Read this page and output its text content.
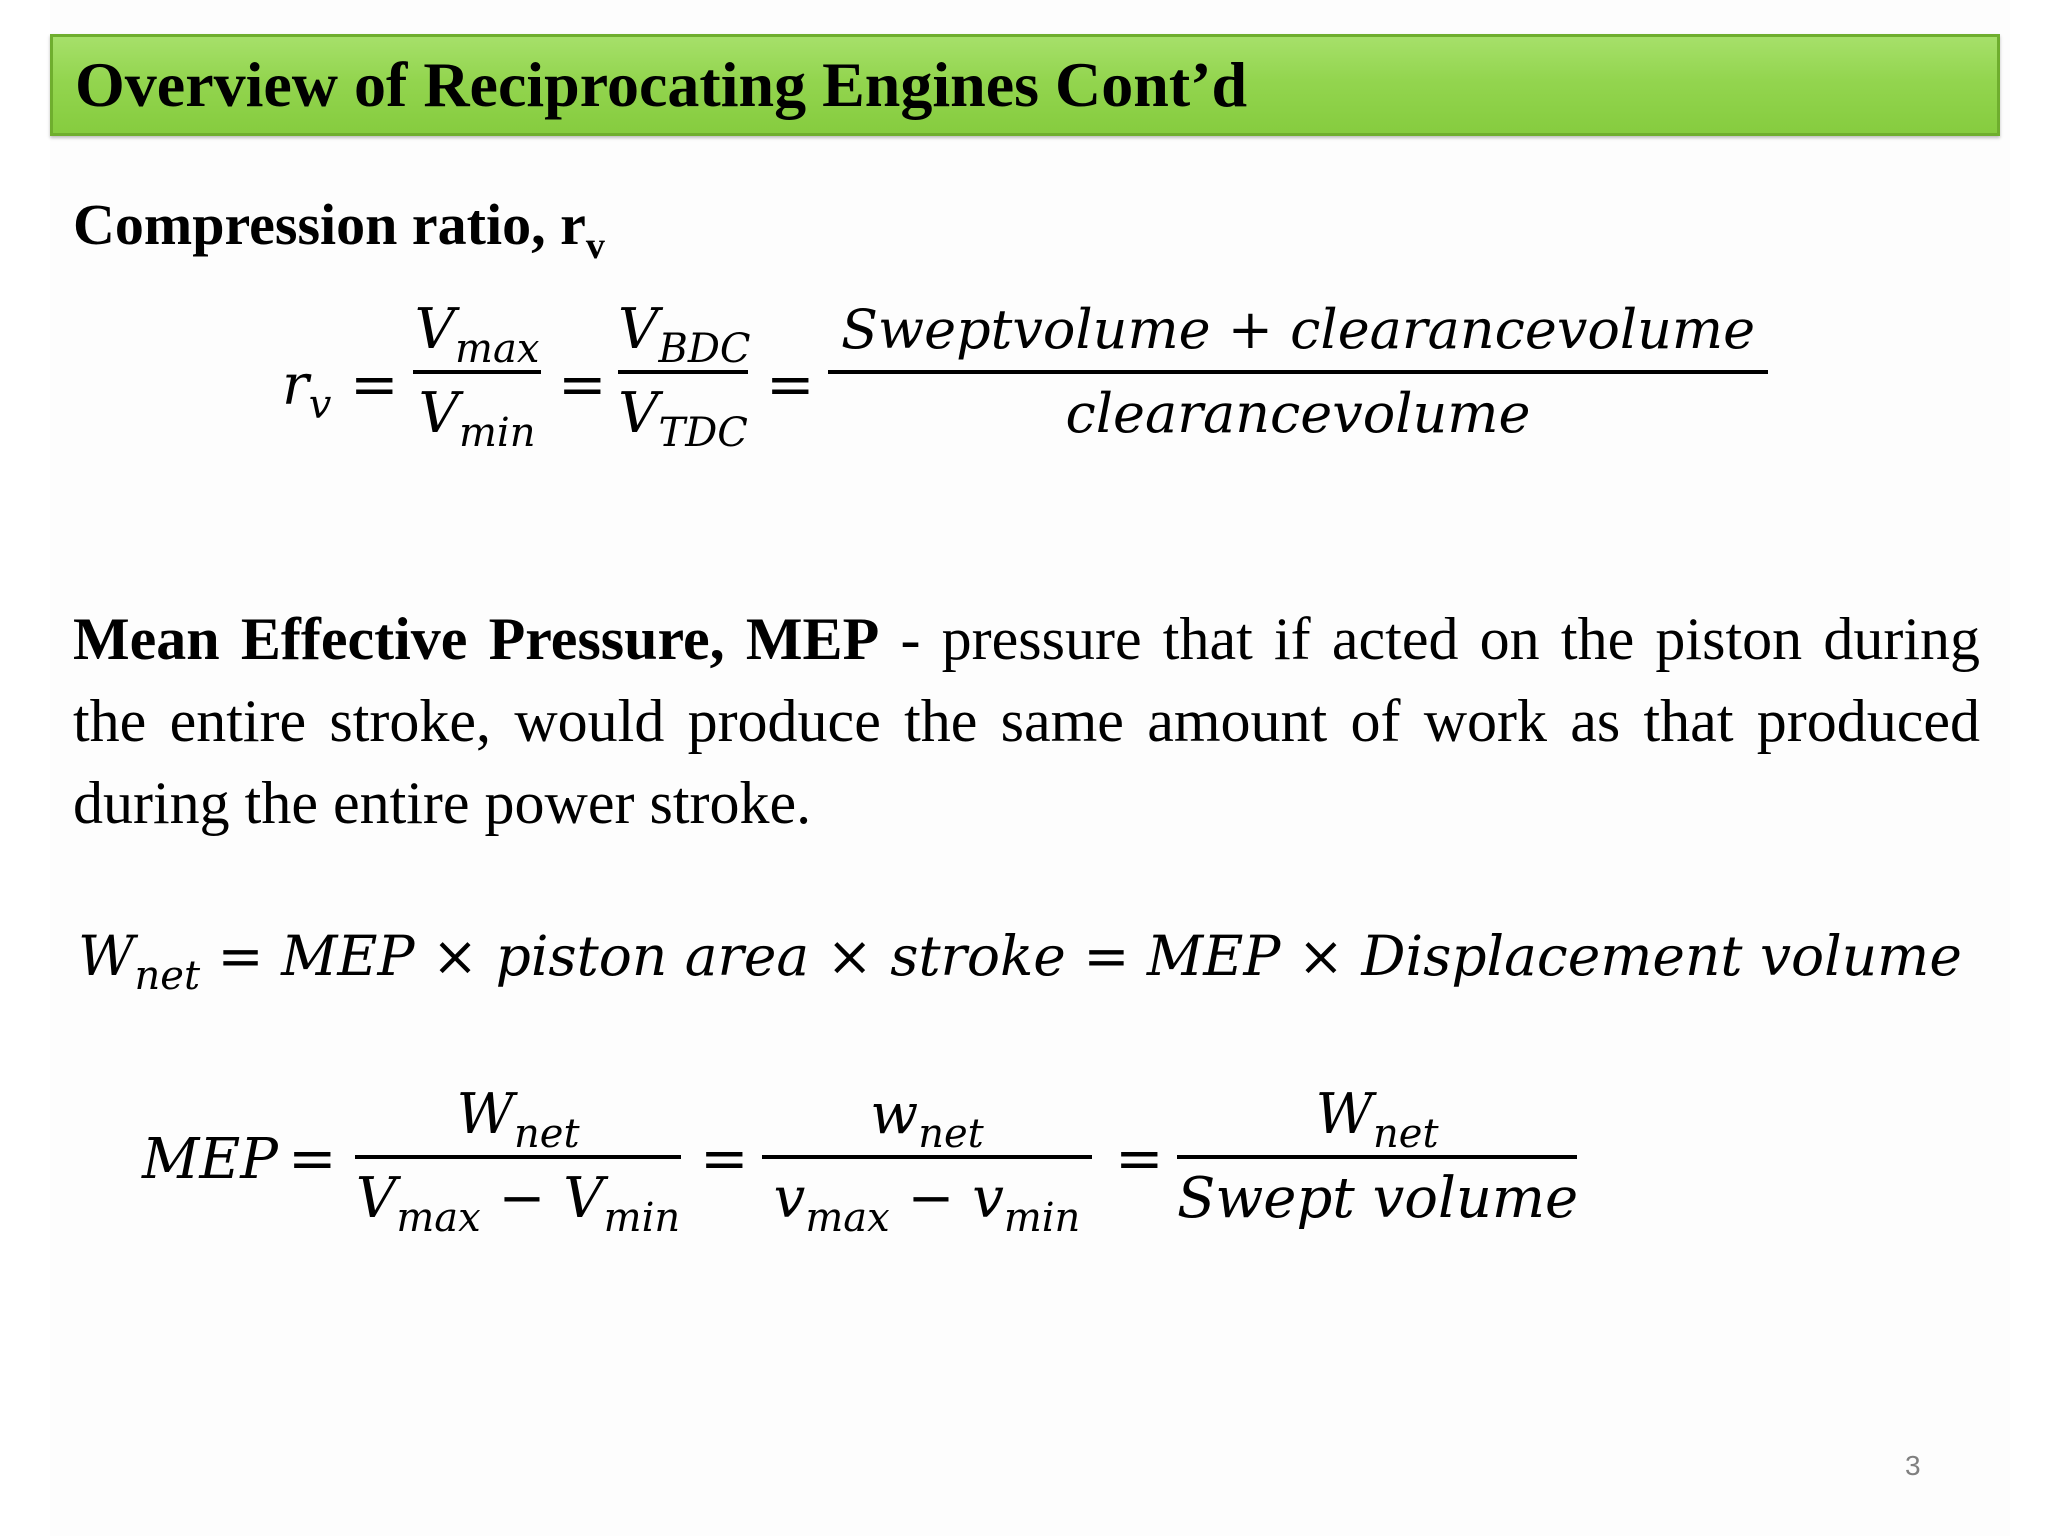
Overview of Reciprocating Engines Cont’d
Compression ratio, $r_v$
$r_v$ =
$V_{max}$
$V_{min}$
=
$V_{BDC}$
$V_{TDC}$
=
Sweptvolume + clearancevolume
clearancevolume
Mean Effective Pressure, MEP - pressure that if acted on the piston during the entire stroke, would produce the same amount of work as that produced during the entire power stroke.
$W_{net}$ = MEP × piston area × stroke = MEP × Displacement volume
MEP =
$W_{net}$
$V_{max} - V_{min}$
=
$w_{net}$
$v_{max} - v_{min}$
=
$W_{net}$
Swept volume
3
